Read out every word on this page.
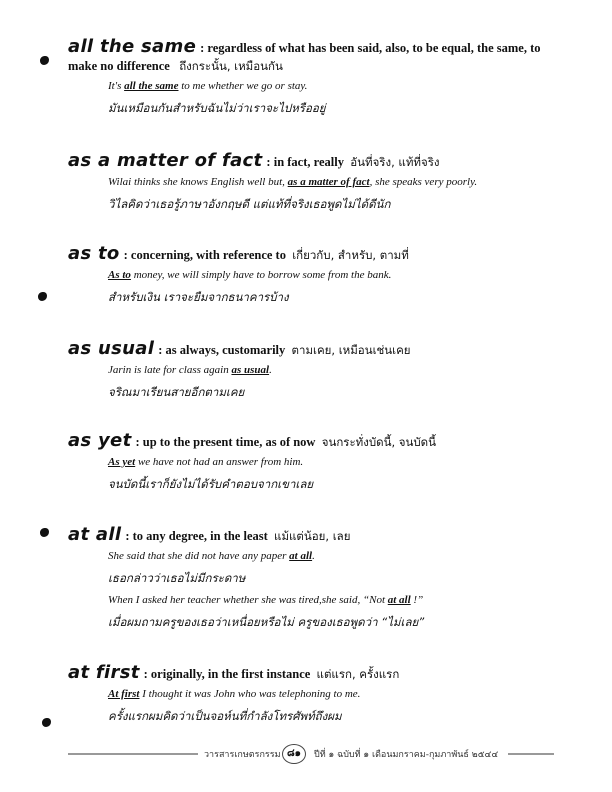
all the same : regardless of what has been said, also, to be equal, the same, to
make no difference ถึงกระนั้น, เหมือนกัน
It's all the same to me whether we go or stay.
มันเหมือนกันสำหรับฉันไม่ว่าเราจะไปหรืออยู่
as a matter of fact : in fact, really อันที่จริง, แท้ที่จริง
Wilai thinks she knows English well but, as a matter of fact, she speaks very poorly.
วิไลคิดว่าเธอรู้ภาษาอังกฤษดี แต่แท้ที่จริงเธอพูดไม่ได้ดีนัก
as to : concerning, with reference to เกี่ยวกับ, สำหรับ, ตามที่
As to money, we will simply have to borrow some from the bank.
สำหรับเงิน เราจะยืมจากธนาคารบ้าง
as usual : as always, customarily ตามเคย, เหมือนเช่นเคย
Jarin is late for class again as usual.
จริณมาเรียนสายอีกตามเคย
as yet : up to the present time, as of now จนกระทั่งบัดนี้, จนบัดนี้
As yet we have not had an answer from him.
จนบัดนี้เราก็ยังไม่ได้รับคำตอบจากเขาเลย
at all : to any degree, in the least แม้แต่น้อย, เลย
She said that she did not have any paper at all.
เธอกล่าวว่าเธอไม่มีกระดาษ
When I asked her teacher whether she was tired,she said, “Not at all !”
เมื่อผมถามครูของเธอว่าเหนื่อยหรือไม่ ครูของเธอพูดว่า “ไม่เลย”
at first : originally, in the first instance แต่แรก, ครั้งแรก
At first I thought it was John who was telephoning to me.
ครั้งแรกผมคิดว่าเป็นจอห์นที่กำลังโทรศัพท์ถึงผม
วารสารเกษตรกรรม ๘๑	ปีที่ ๑ ฉบับที่ ๑ เดือนมกราคม-กุมภาพันธ์ ๒๕๔๔
